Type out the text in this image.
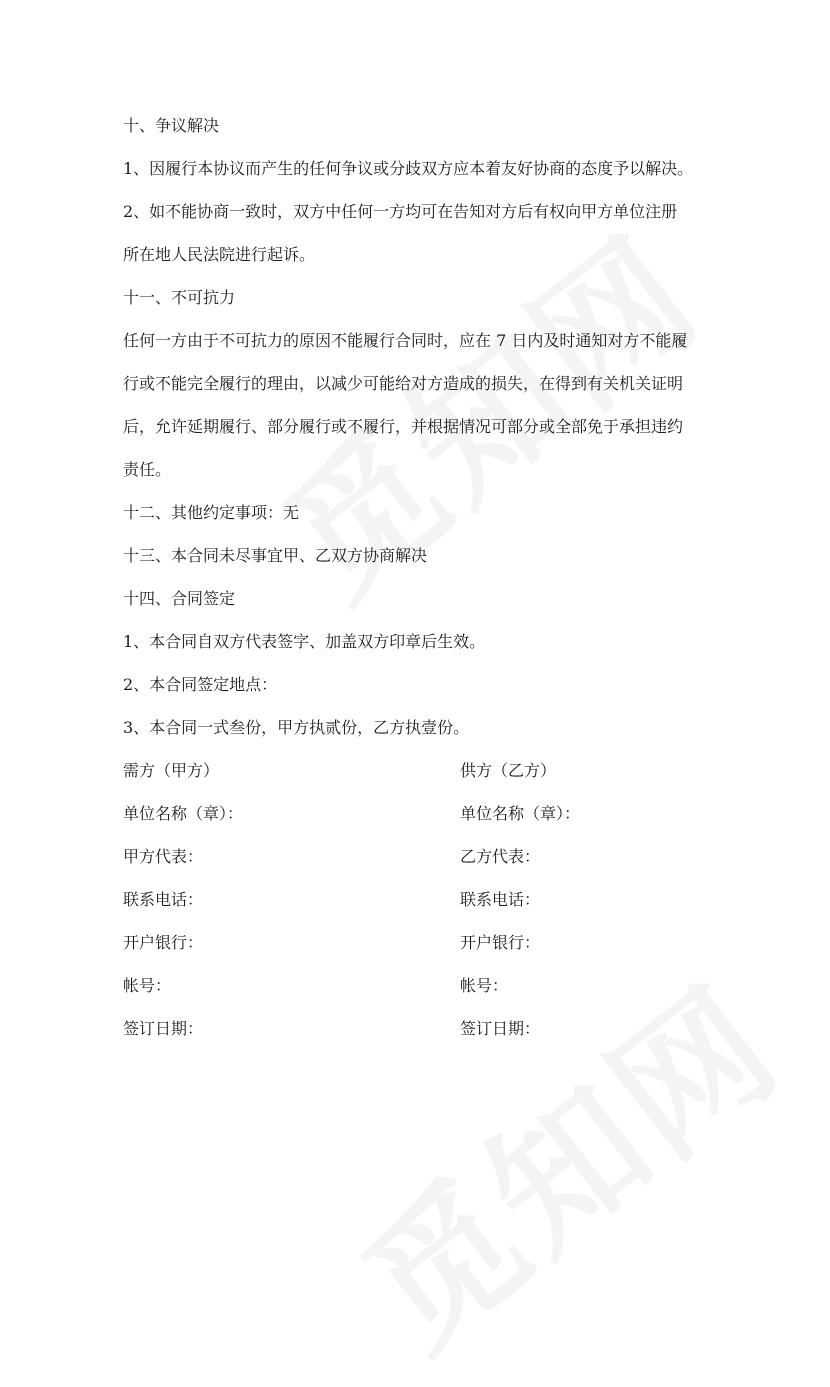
十、争议解决

1、因履行本协议而产生的任何争议或分歧双方应本着友好协商的态度予以解决。

2、如不能协商一致时，双方中任何一方均可在告知对方后有权向甲方单位注册

所在地人民法院进行起诉。

十一、不可抗力

任何一方由于不可抗力的原因不能履行合同时，应在 7 日内及时通知对方不能履

行或不能完全履行的理由，以减少可能给对方造成的损失，在得到有关机关证明

后，允许延期履行、部分履行或不履行，并根据情况可部分或全部免于承担违约

责任。

十二、其他约定事项：无

十三、本合同未尽事宜甲、乙双方协商解决

十四、合同签定

1、本合同自双方代表签字、加盖双方印章后生效。

2、本合同签定地点：

3、本合同一式叁份，甲方执贰份，乙方执壹份。

需方（甲方）	供方（乙方）
单位名称（章）：	单位名称（章）：
甲方代表：	乙方代表：
联系电话：	联系电话：
开户银行：	开户银行：
帐号：	帐号：
签订日期：	签订日期：
